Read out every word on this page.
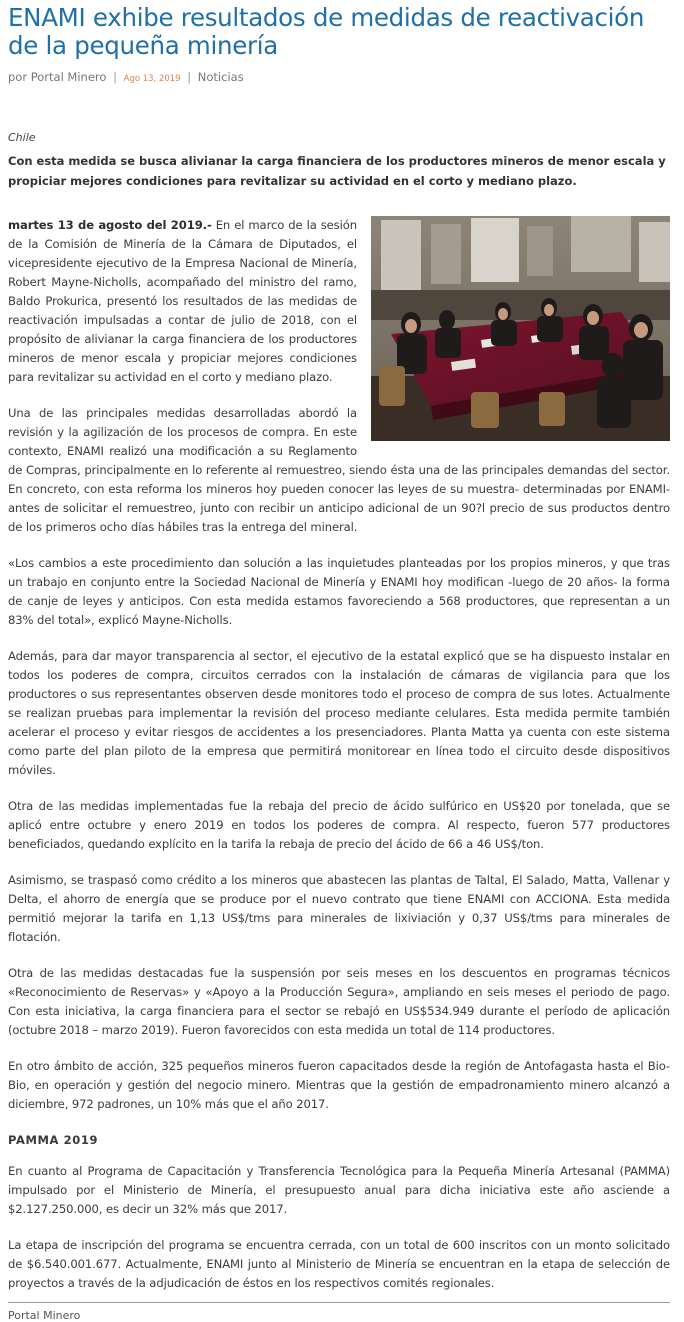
ENAMI exhibe resultados de medidas de reactivación de la pequeña minería
por Portal Minero | Ago 13, 2019 | Noticias
Chile
Con esta medida se busca alivianar la carga financiera de los productores mineros de menor escala y propiciar mejores condiciones para revitalizar su actividad en el corto y mediano plazo.

martes 13 de agosto del 2019.- En el marco de la sesión de la Comisión de Minería de la Cámara de Diputados, el vicepresidente ejecutivo de la Empresa Nacional de Minería, Robert Mayne-Nicholls, acompañado del ministro del ramo, Baldo Prokurica, presentó los resultados de las medidas de reactivación impulsadas a contar de julio de 2018, con el propósito de alivianar la carga financiera de los productores mineros de menor escala y propiciar mejores condiciones para revitalizar su actividad en el corto y mediano plazo.

Una de las principales medidas desarrolladas abordó la revisión y la agilización de los procesos de compra. En este contexto, ENAMI realizó una modificación a su Reglamento de Compras, principalmente en lo referente al remuestreo, siendo ésta una de las principales demandas del sector. En concreto, con esta reforma los mineros hoy pueden conocer las leyes de su muestra- determinadas por ENAMI- antes de solicitar el remuestreo, junto con recibir un anticipo adicional de un 90?l precio de sus productos dentro de los primeros ocho días hábiles tras la entrega del mineral.

«Los cambios a este procedimiento dan solución a las inquietudes planteadas por los propios mineros, y que tras un trabajo en conjunto entre la Sociedad Nacional de Minería y ENAMI hoy modifican -luego de 20 años- la forma de canje de leyes y anticipos. Con esta medida estamos favoreciendo a 568 productores, que representan a un 83% del total», explicó Mayne-Nicholls.

Además, para dar mayor transparencia al sector, el ejecutivo de la estatal explicó que se ha dispuesto instalar en todos los poderes de compra, circuitos cerrados con la instalación de cámaras de vigilancia para que los productores o sus representantes observen desde monitores todo el proceso de compra de sus lotes. Actualmente se realizan pruebas para implementar la revisión del proceso mediante celulares. Esta medida permite también acelerar el proceso y evitar riesgos de accidentes a los presenciadores. Planta Matta ya cuenta con este sistema como parte del plan piloto de la empresa que permitirá monitorear en línea todo el circuito desde dispositivos móviles.

Otra de las medidas implementadas fue la rebaja del precio de ácido sulfúrico en US$20 por tonelada, que se aplicó entre octubre y enero 2019 en todos los poderes de compra. Al respecto, fueron 577 productores beneficiados, quedando explícito en la tarifa la rebaja de precio del ácido de 66 a 46 US$/ton.

Asimismo, se traspasó como crédito a los mineros que abastecen las plantas de Taltal, El Salado, Matta, Vallenar y Delta, el ahorro de energía que se produce por el nuevo contrato que tiene ENAMI con ACCIONA. Esta medida permitió mejorar la tarifa en 1,13 US$/tms para minerales de lixiviación y 0,37 US$/tms para minerales de flotación.

Otra de las medidas destacadas fue la suspensión por seis meses en los descuentos en programas técnicos «Reconocimiento de Reservas» y «Apoyo a la Producción Segura», ampliando en seis meses el periodo de pago. Con esta iniciativa, la carga financiera para el sector se rebajó en US$534.949 durante el período de aplicación (octubre 2018 – marzo 2019). Fueron favorecidos con esta medida un total de 114 productores.

En otro ámbito de acción, 325 pequeños mineros fueron capacitados desde la región de Antofagasta hasta el Bio-Bio, en operación y gestión del negocio minero. Mientras que la gestión de empadronamiento minero alcanzó a diciembre, 972 padrones, un 10% más que el año 2017.

PAMMA 2019

En cuanto al Programa de Capacitación y Transferencia Tecnológica para la Pequeña Minería Artesanal (PAMMA) impulsado por el Ministerio de Minería, el presupuesto anual para dicha iniciativa este año asciende a $2.127.250.000, es decir un 32% más que 2017.

La etapa de inscripción del programa se encuentra cerrada, con un total de 600 inscritos con un monto solicitado de $6.540.001.677. Actualmente, ENAMI junto al Ministerio de Minería se encuentran en la etapa de selección de proyectos a través de la adjudicación de éstos en los respectivos comités regionales.

Portal Minero
